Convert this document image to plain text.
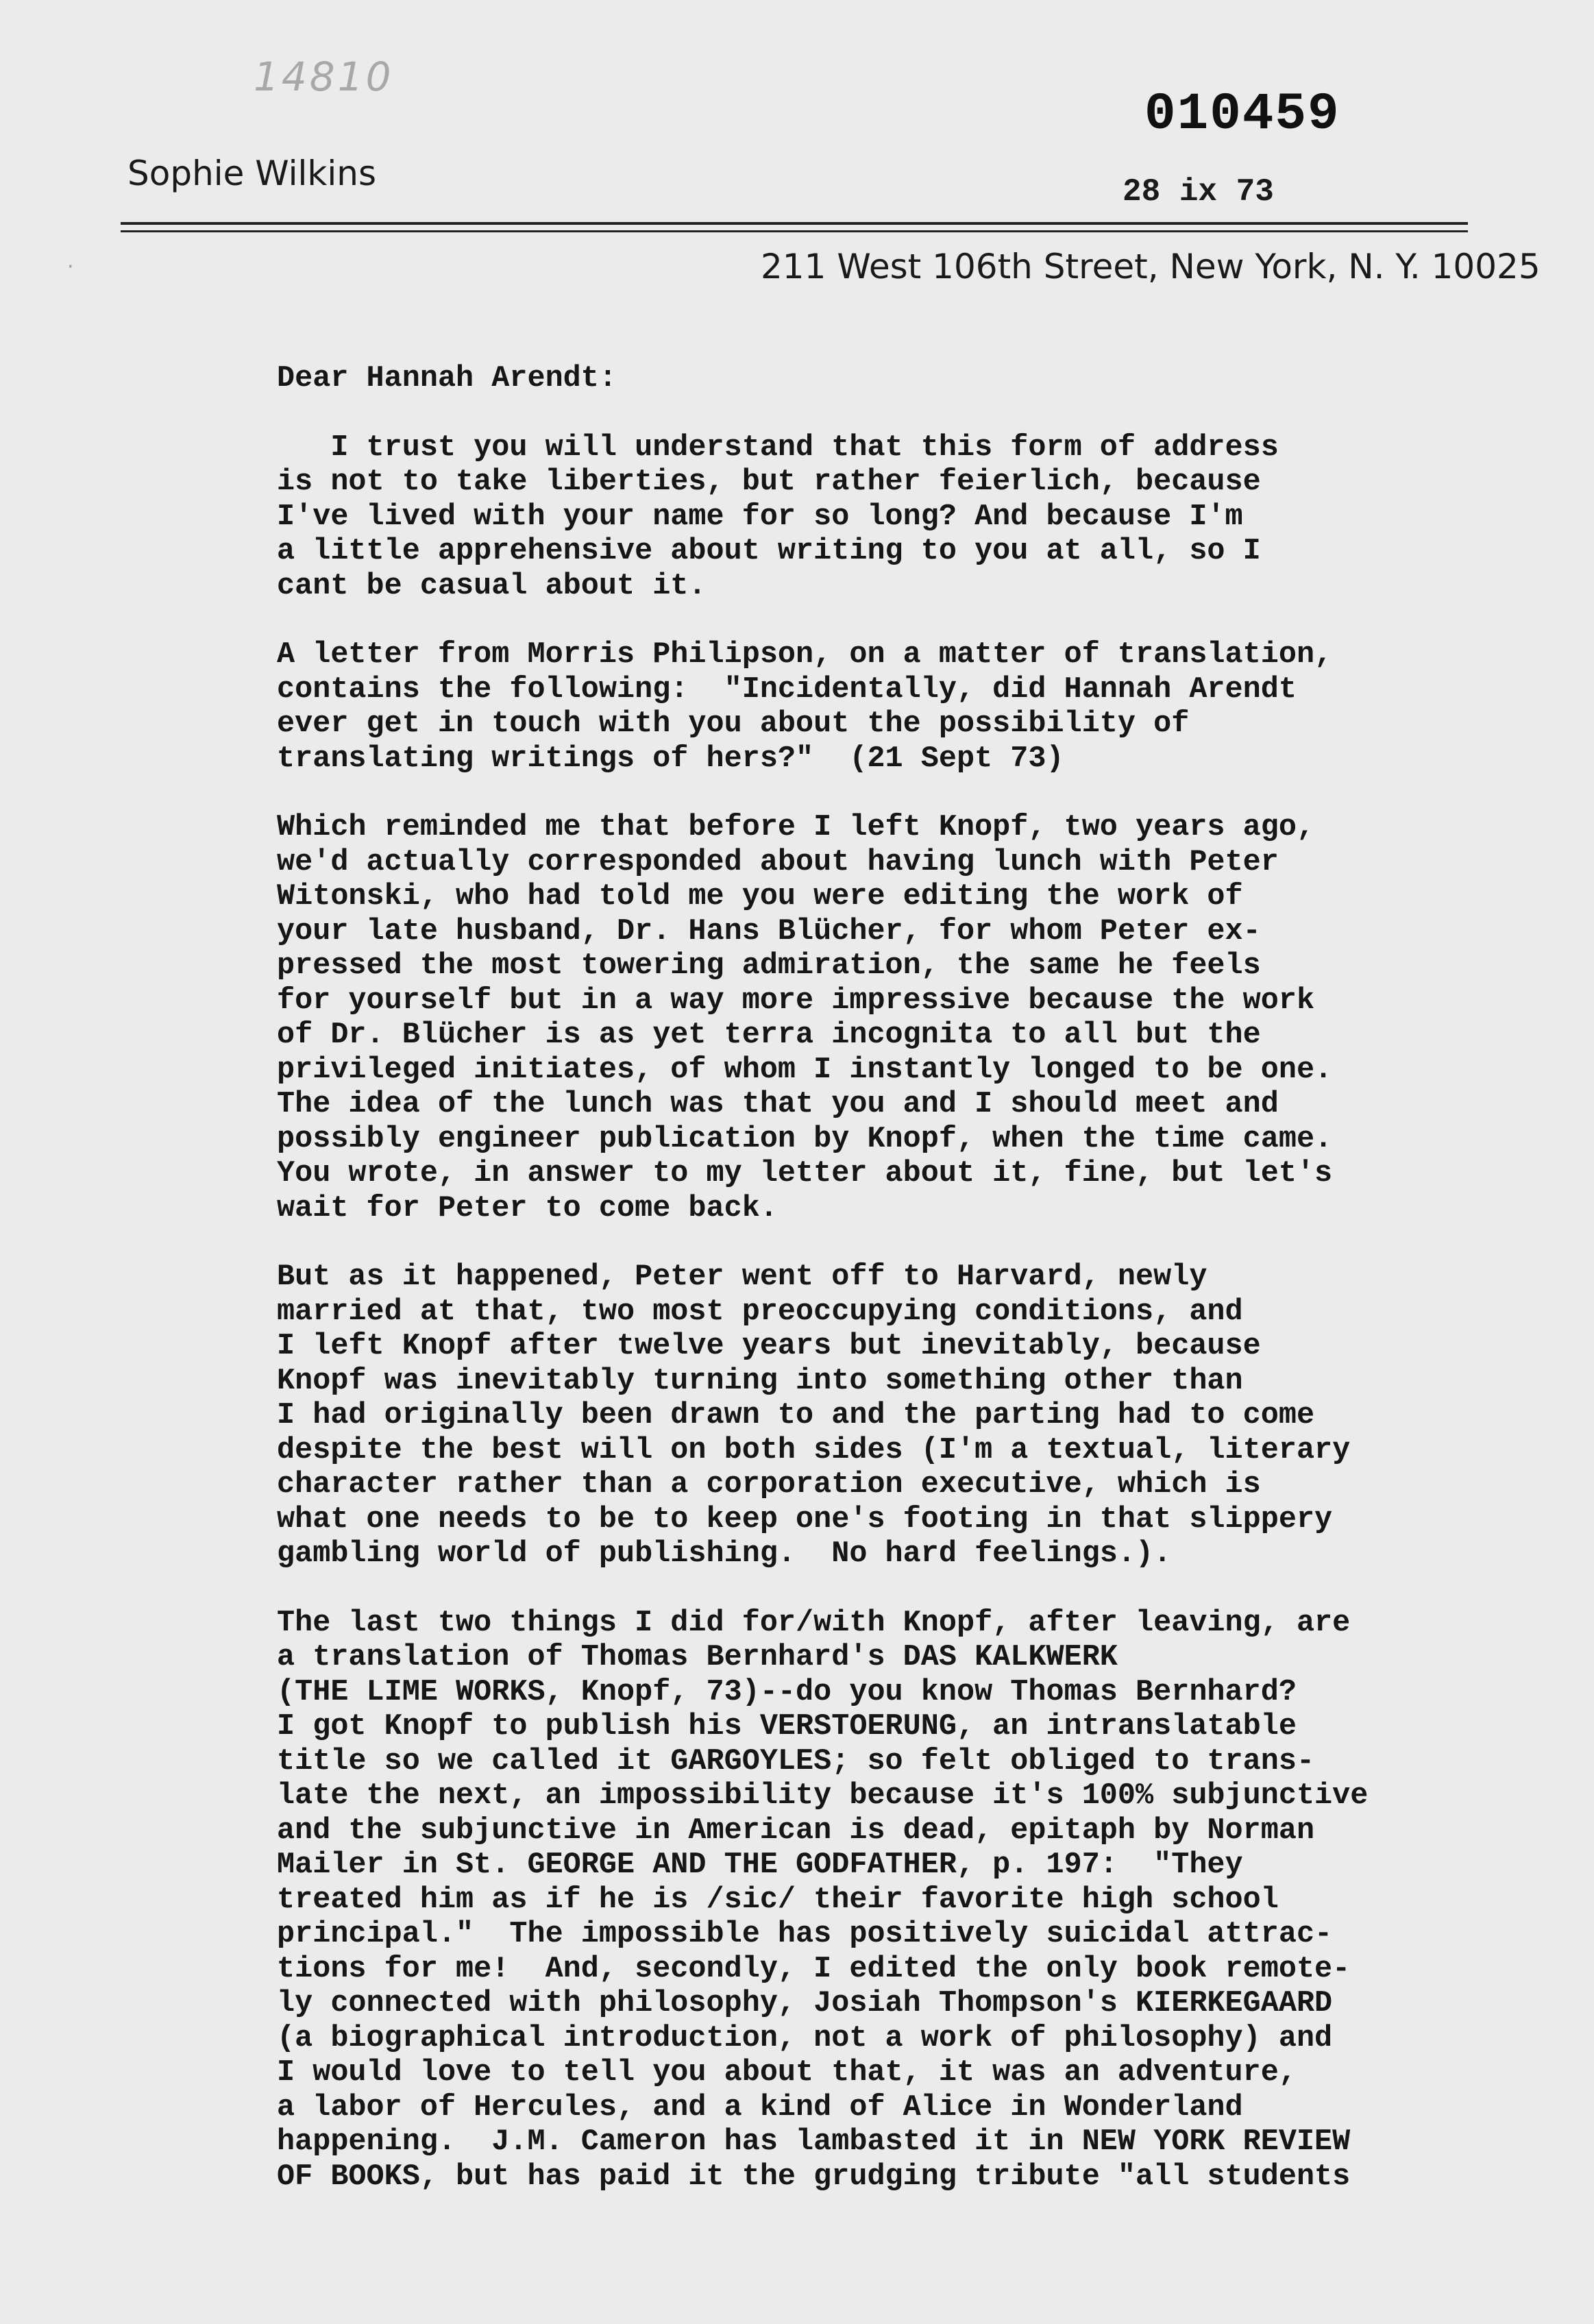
14810
·
010459
Sophie Wilkins	28 ix 73
211 West 106th Street, New York, N. Y. 10025

Dear Hannah Arendt:

I trust you will understand that this form of address

is not to take liberties, but rather feierlich, because

I've lived with your name for so long? And because I'm

a little apprehensive about writing to you at all, so I

cant be casual about it.

A letter from Morris Philipson, on a matter of translation,

contains the following:  "Incidentally, did Hannah Arendt

ever get in touch with you about the possibility of

translating writings of hers?"  (21 Sept 73)

Which reminded me that before I left Knopf, two years ago,

we'd actually corresponded about having lunch with Peter

Witonski, who had told me you were editing the work of

your late husband, Dr. Hans Blücher, for whom Peter ex-

pressed the most towering admiration, the same he feels

for yourself but in a way more impressive because the work

of Dr. Blücher is as yet terra incognita to all but the

privileged initiates, of whom I instantly longed to be one.

The idea of the lunch was that you and I should meet and

possibly engineer publication by Knopf, when the time came.

You wrote, in answer to my letter about it, fine, but let's

wait for Peter to come back.

But as it happened, Peter went off to Harvard, newly

married at that, two most preoccupying conditions, and

I left Knopf after twelve years but inevitably, because

Knopf was inevitably turning into something other than

I had originally been drawn to and the parting had to come

despite the best will on both sides (I'm a textual, literary

character rather than a corporation executive, which is

what one needs to be to keep one's footing in that slippery

gambling world of publishing.  No hard feelings.).

The last two things I did for/with Knopf, after leaving, are

a translation of Thomas Bernhard's DAS KALKWERK

(THE LIME WORKS, Knopf, 73)--do you know Thomas Bernhard?

I got Knopf to publish his VERSTOERUNG, an intranslatable

title so we called it GARGOYLES; so felt obliged to trans-

late the next, an impossibility because it's 100% subjunctive

and the subjunctive in American is dead, epitaph by Norman

Mailer in St. GEORGE AND THE GODFATHER, p. 197:  "They

treated him as if he is /sic/ their favorite high school

principal."  The impossible has positively suicidal attrac-

tions for me!  And, secondly, I edited the only book remote-

ly connected with philosophy, Josiah Thompson's KIERKEGAARD

(a biographical introduction, not a work of philosophy) and

I would love to tell you about that, it was an adventure,

a labor of Hercules, and a kind of Alice in Wonderland

happening.  J.M. Cameron has lambasted it in NEW YORK REVIEW

OF BOOKS, but has paid it the grudging tribute "all students
